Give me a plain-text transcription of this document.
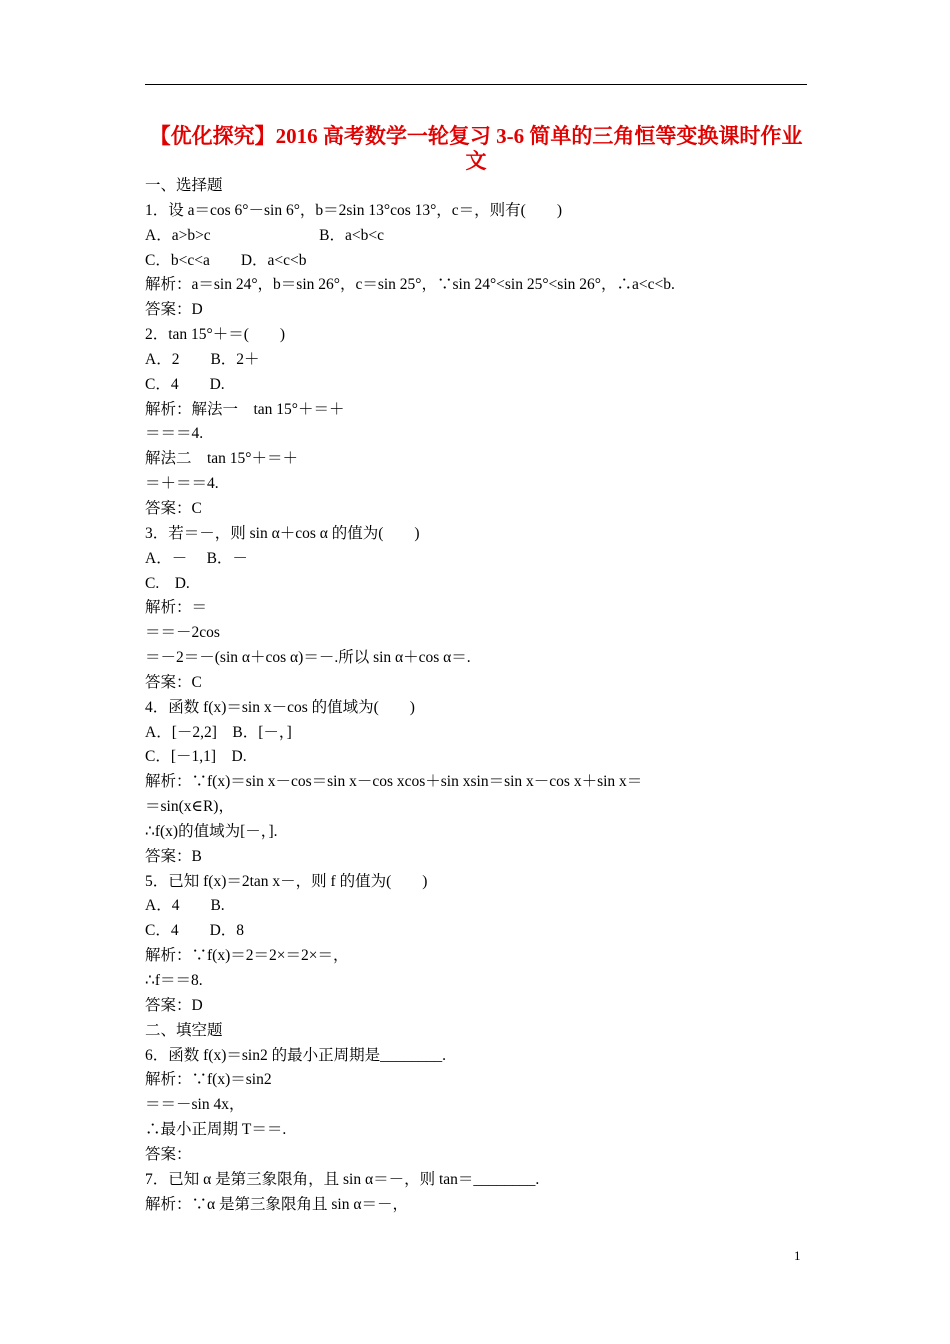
【优化探究】2016 高考数学一轮复习 3-6 简单的三角恒等变换课时作业 文
一、选择题
1．设 a＝cos 6°－sin 6°，b＝2sin 13°cos 13°，c＝，则有(　　)
A．a>b>c　　　　　　　B．a<b<c
C．b<c<a　　D．a<c<b
解析：a＝sin 24°，b＝sin 26°，c＝sin 25°，∵sin 24°<sin 25°<sin 26°，∴a<c<b.
答案：D
2．tan 15°＋＝(　　)
A．2　　B．2＋
C．4　　D.
解析：解法一　tan 15°＋＝＋
＝＝＝4.
解法二　tan 15°＋＝＋
＝＋＝＝4.
答案：C
3．若＝－，则 sin α＋cos α 的值为(　　)
A．－　 B．－
C.　D.
解析：＝
＝＝－2cos
＝－2＝－(sin α＋cos α)＝－.所以 sin α＋cos α＝.
答案：C
4．函数 f(x)＝sin x－cos 的值域为(　　)
A．[－2,2]　B．[－，]
C．[－1,1]　D.
解析：∵f(x)＝sin x－cos＝sin x－cos xcos＋sin xsin＝sin x－cos x＋sin x＝
＝sin(x∈R)，
∴f(x)的值域为[－，].
答案：B
5．已知 f(x)＝2tan x－，则 f 的值为(　　)
A．4　　B.
C．4　　D．8
解析：∵f(x)＝2＝2×＝2×＝，
∴f＝＝8.
答案：D
二、填空题
6．函数 f(x)＝sin2 的最小正周期是________.
解析：∵f(x)＝sin2
＝＝－sin 4x，
∴最小正周期 T＝＝.
答案：
7．已知 α 是第三象限角，且 sin α＝－，则 tan＝________.
解析：∵α 是第三象限角且 sin α＝－，
1
